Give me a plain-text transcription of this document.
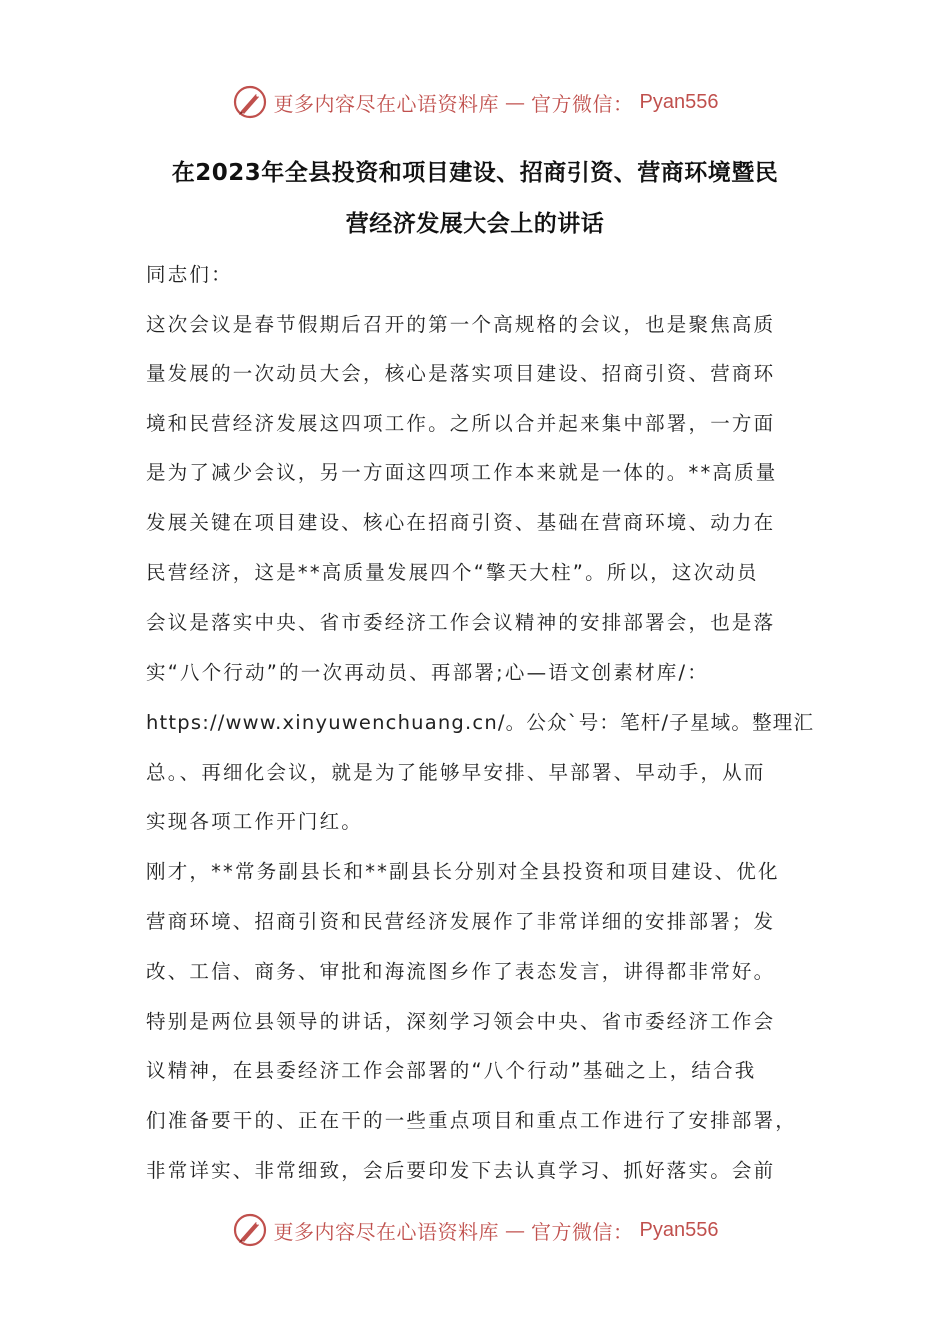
更多内容尽在心语资料库 — 官方微信： Pyan556
在2023年全县投资和项目建设、招商引资、营商环境暨民
营经济发展大会上的讲话
同志们：
这次会议是春节假期后召开的第一个高规格的会议，也是聚焦高质
量发展的一次动员大会，核心是落实项目建设、招商引资、营商环
境和民营经济发展这四项工作。之所以合并起来集中部署，一方面
是为了减少会议，另一方面这四项工作本来就是一体的。**高质量
发展关键在项目建设、核心在招商引资、基础在营商环境、动力在
民营经济，这是**高质量发展四个“擎天大柱”。所以，这次动员
会议是落实中央、省市委经济工作会议精神的安排部署会，也是落
实“八个行动”的一次再动员、再部署;心—语文创素材库/：
https://www.xinyuwenchuang.cn/。公众`号：笔杆/子星域。整理汇
总。、再细化会议，就是为了能够早安排、早部署、早动手，从而
实现各项工作开门红。
刚才，**常务副县长和**副县长分别对全县投资和项目建设、优化
营商环境、招商引资和民营经济发展作了非常详细的安排部署；发
改、工信、商务、审批和海流图乡作了表态发言，讲得都非常好。
特别是两位县领导的讲话，深刻学习领会中央、省市委经济工作会
议精神，在县委经济工作会部署的“八个行动”基础之上，结合我
们准备要干的、正在干的一些重点项目和重点工作进行了安排部署，
非常详实、非常细致，会后要印发下去认真学习、抓好落实。会前
更多内容尽在心语资料库 — 官方微信： Pyan556
